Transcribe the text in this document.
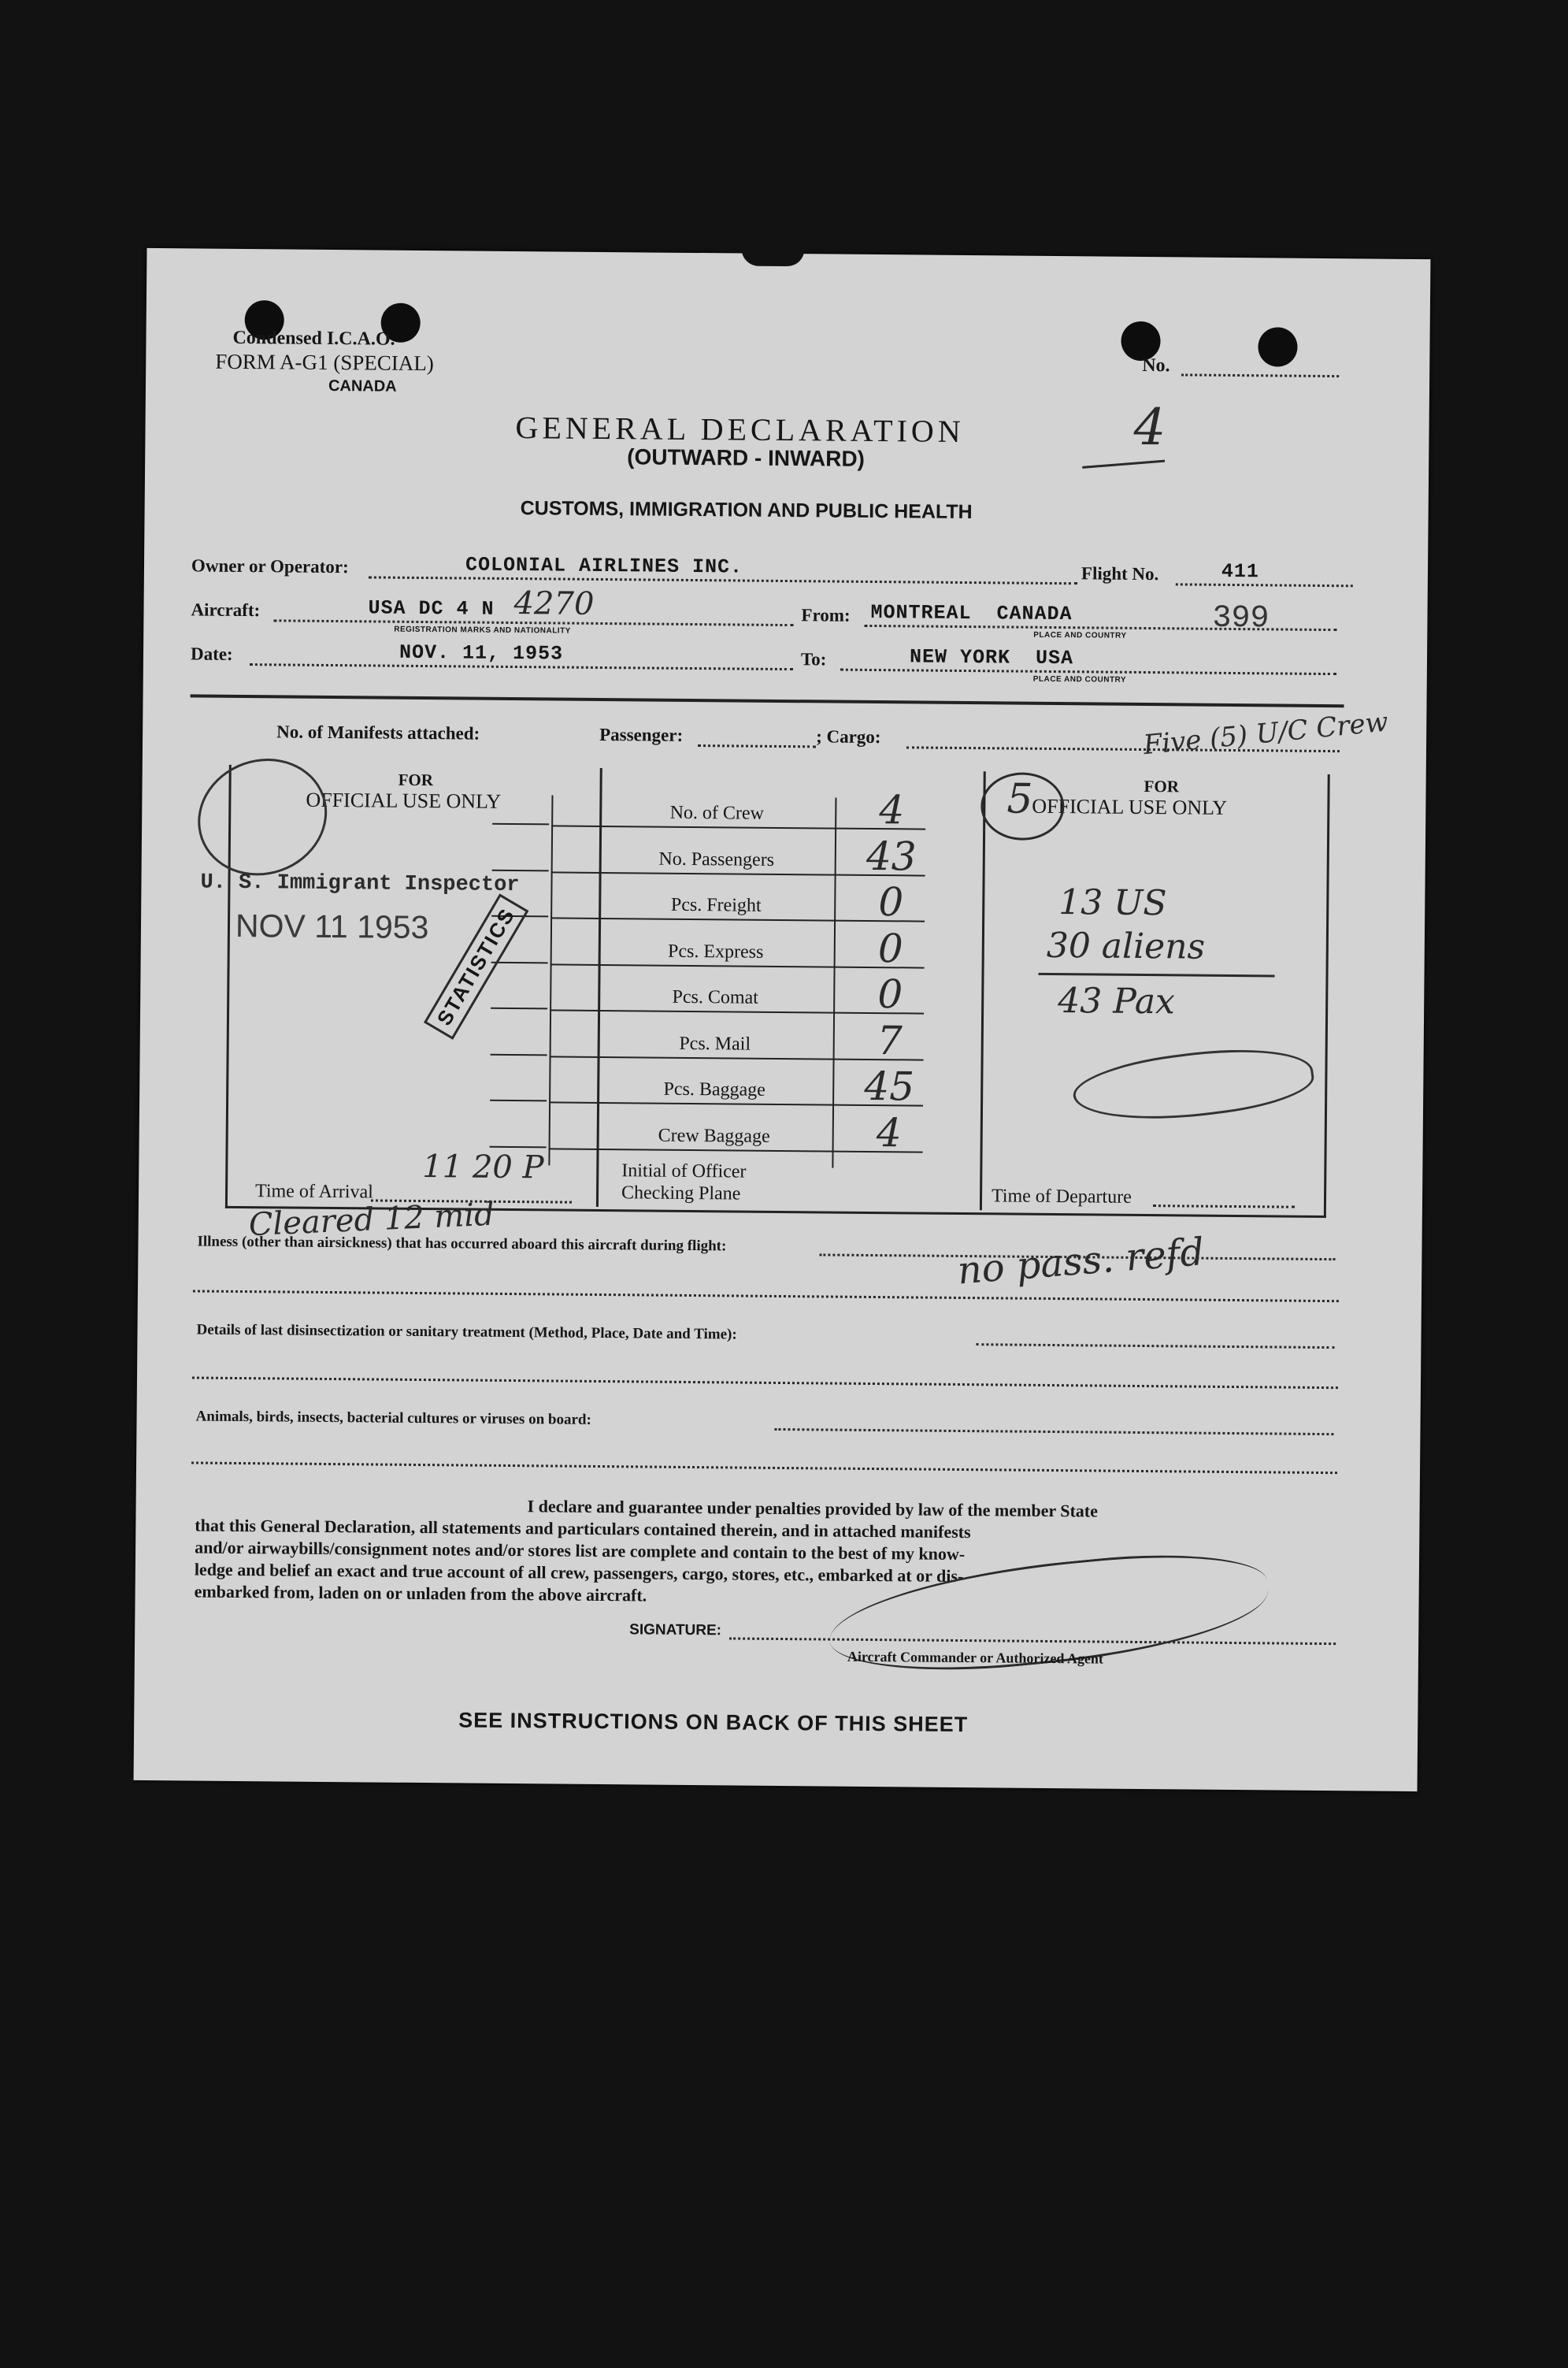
Condensed I.C.A.O.
FORM A-G1 (SPECIAL)
CANADA
No.
GENERAL DECLARATION
(OUTWARD - INWARD)
4
CUSTOMS, IMMIGRATION AND PUBLIC HEALTH
Owner or Operator:	COLONIAL AIRLINES INC.	Flight No.	411
Aircraft:	USA DC 4 N 4270
REGISTRATION MARKS AND NATIONALITY
From: MONTREAL  CANADA
PLACE AND COUNTRY	399
Date:	NOV. 11, 1953	To:	NEW YORK  USA
PLACE AND COUNTRY
No. of Manifests attached:	Passenger:	; Cargo:	Five (5) U/C Crew
FOR
OFFICIAL USE ONLY
No. of Crew	4
No. Passengers	43
Pcs. Freight	0
Pcs. Express	0
Pcs. Comat	0
Pcs. Mail	7
Pcs. Baggage	45
Crew Baggage	4
FOR
OFFICIAL USE ONLY
5
U. S. Immigrant Inspector
NOV 11 1953 STATISTICS
13 US
30 aliens
43 Pax
Time of Arrival
11 20 P	Initial of Officer
Checking Plane	Time of Departure
Cleared 12 mid
Illness (other than airsickness) that has occurred aboard this aircraft during flight:	no pass. refd
Details of last disinsectization or sanitary treatment (Method, Place, Date and Time):
Animals, birds, insects, bacterial cultures or viruses on board:
I declare and guarantee under penalties provided by law of the member State
that this General Declaration, all statements and particulars contained therein, and in attached manifests
and/or airwaybills/consignment notes and/or stores list are complete and contain to the best of my know-
ledge and belief an exact and true account of all crew, passengers, cargo, stores, etc., embarked at or dis-
embarked from, laden on or unladen from the above aircraft.
SIGNATURE:
Aircraft Commander or Authorized Agent
SEE INSTRUCTIONS ON BACK OF THIS SHEET
